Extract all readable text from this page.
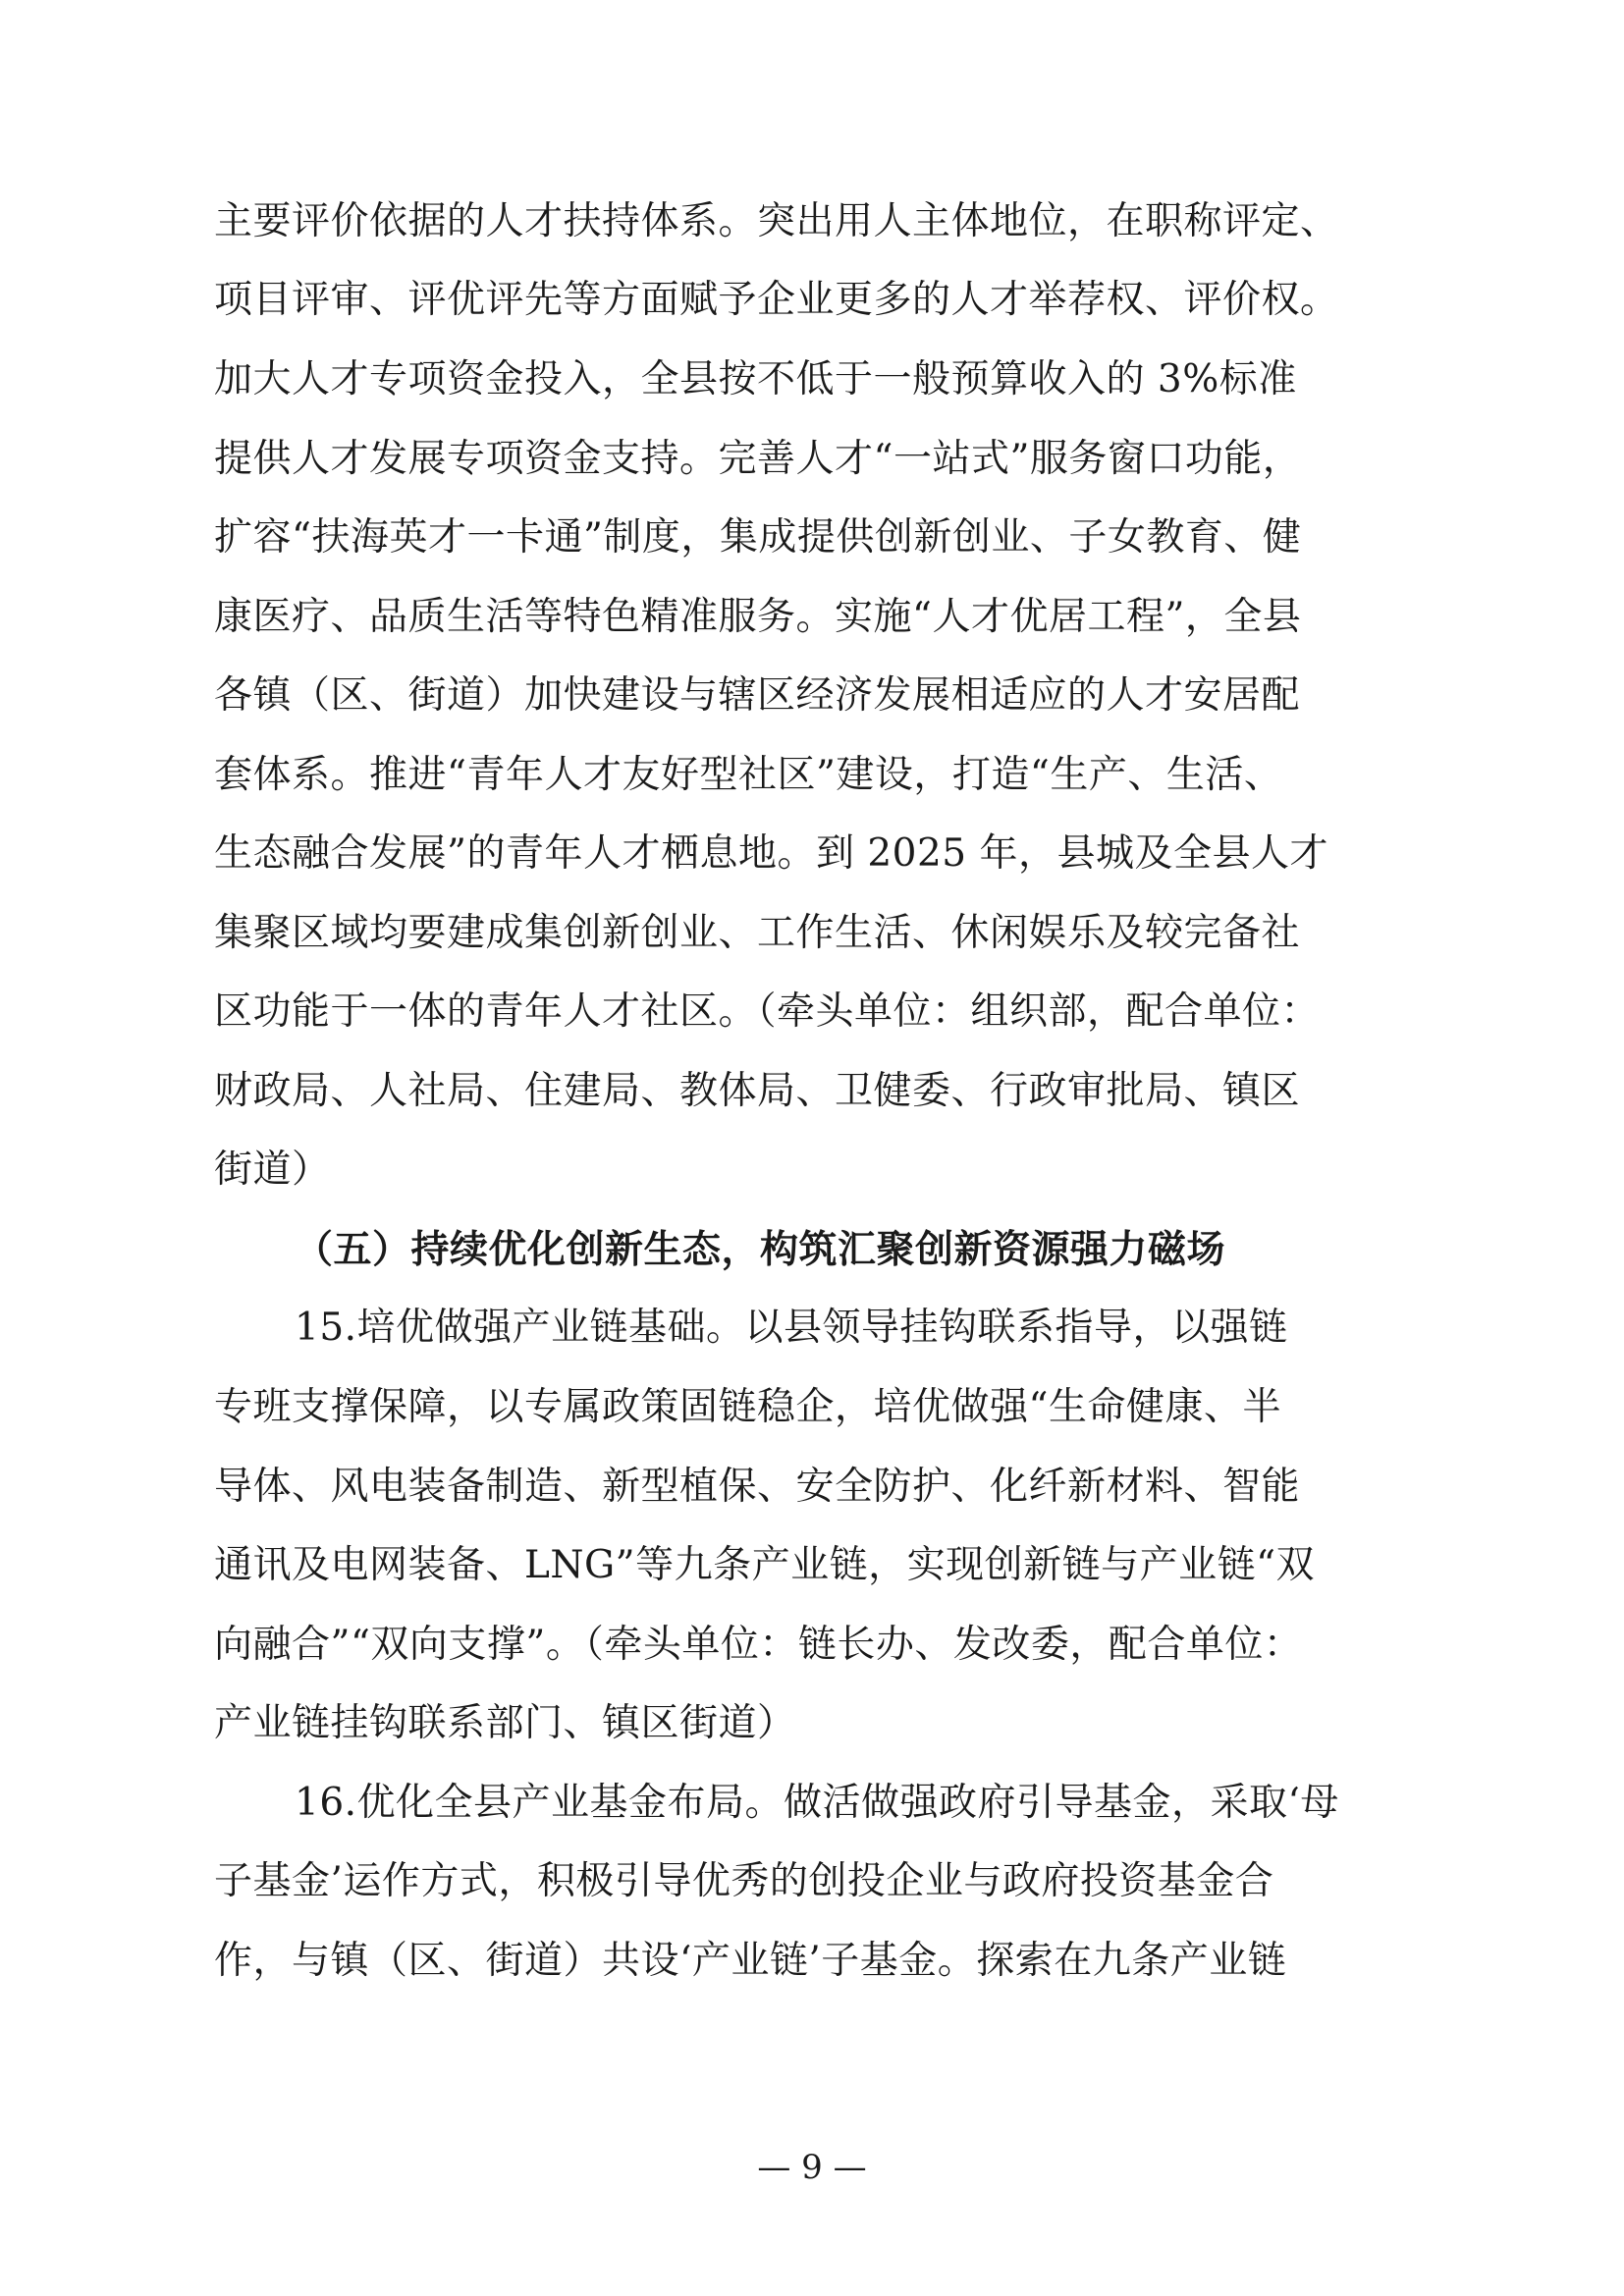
主要评价依据的人才扶持体系。突出用人主体地位，在职称评定、
项目评审、评优评先等方面赋予企业更多的人才举荐权、评价权。
加大人才专项资金投入，全县按不低于一般预算收入的 3%标准
提供人才发展专项资金支持。完善人才“一站式”服务窗口功能，
扩容“扶海英才一卡通”制度，集成提供创新创业、子女教育、健
康医疗、品质生活等特色精准服务。实施“人才优居工程”，全县
各镇（区、街道）加快建设与辖区经济发展相适应的人才安居配
套体系。推进“青年人才友好型社区”建设，打造“生产、生活、
生态融合发展”的青年人才栖息地。到 2025 年，县城及全县人才
集聚区域均要建成集创新创业、工作生活、休闲娱乐及较完备社
区功能于一体的青年人才社区。（牵头单位：组织部，配合单位：
财政局、人社局、住建局、教体局、卫健委、行政审批局、镇区
街道）
（五）持续优化创新生态，构筑汇聚创新资源强力磁场
15.培优做强产业链基础。以县领导挂钩联系指导，以强链
专班支撑保障，以专属政策固链稳企，培优做强“生命健康、半
导体、风电装备制造、新型植保、安全防护、化纤新材料、智能
通讯及电网装备、LNG”等九条产业链，实现创新链与产业链“双
向融合”“双向支撑”。（牵头单位：链长办、发改委，配合单位：
产业链挂钩联系部门、镇区街道）
16.优化全县产业基金布局。做活做强政府引导基金，采取‘母
子基金’运作方式，积极引导优秀的创投企业与政府投资基金合
作，与镇（区、街道）共设‘产业链’子基金。探索在九条产业链
— 9 —
